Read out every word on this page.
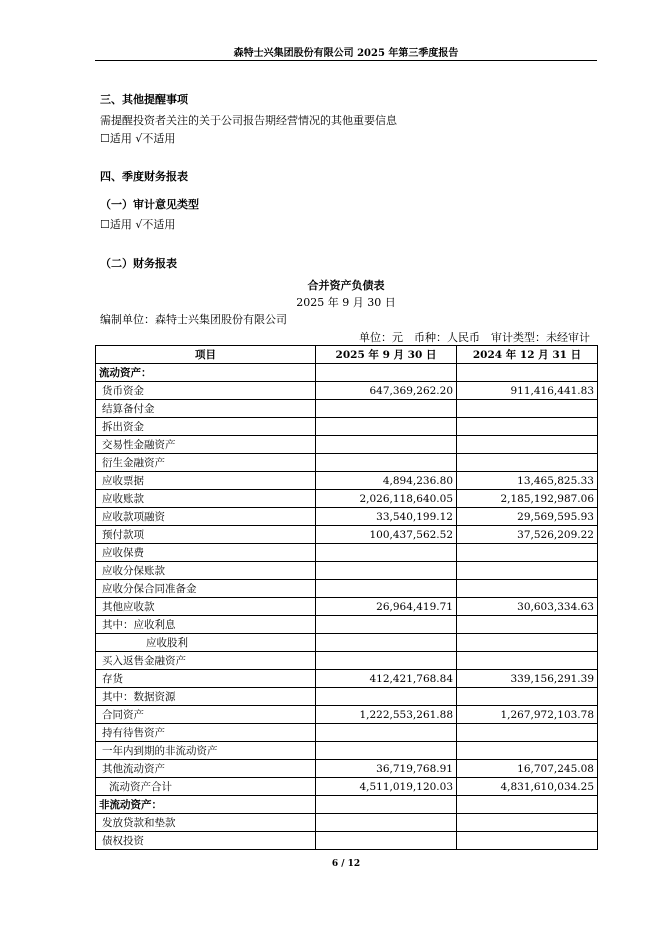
森特士兴集团股份有限公司 2025 年第三季度报告
三、其他提醒事项
需提醒投资者关注的关于公司报告期经营情况的其他重要信息
☐适用 √不适用
四、季度财务报表
（一）审计意见类型
☐适用 √不适用
（二）财务报表
合并资产负债表
2025 年 9 月 30 日
编制单位：森特士兴集团股份有限公司
单位：元　币种：人民币　审计类型：未经审计
项目	2025 年 9 月 30 日	2024 年 12 月 31 日
流动资产：		
货币资金	647,369,262.20	911,416,441.83
结算备付金		
拆出资金		
交易性金融资产		
衍生金融资产		
应收票据	4,894,236.80	13,465,825.33
应收账款	2,026,118,640.05	2,185,192,987.06
应收款项融资	33,540,199.12	29,569,595.93
预付款项	100,437,562.52	37,526,209.22
应收保费		
应收分保账款		
应收分保合同准备金		
其他应收款	26,964,419.71	30,603,334.63
其中：应收利息		
应收股利		
买入返售金融资产		
存货	412,421,768.84	339,156,291.39
其中：数据资源		
合同资产	1,222,553,261.88	1,267,972,103.78
持有待售资产		
一年内到期的非流动资产		
其他流动资产	36,719,768.91	16,707,245.08
流动资产合计	4,511,019,120.03	4,831,610,034.25
非流动资产：		
发放贷款和垫款		
债权投资		
6 / 12
